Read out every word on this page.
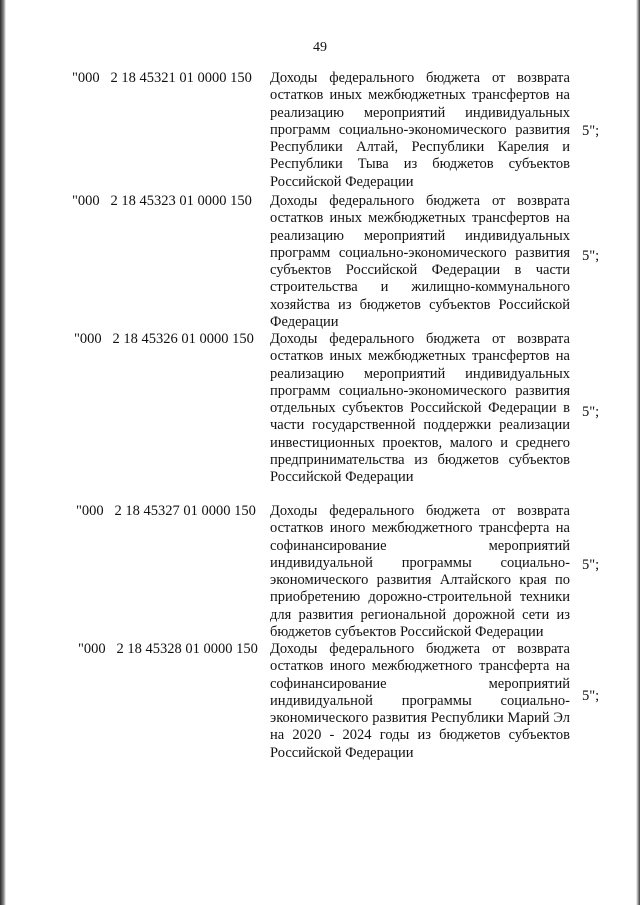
49
"000   2 18 45321 01 0000 150 Доходы федерального бюджета от возврата остатков иных межбюджетных трансфертов на реализацию мероприятий индивидуальных программ социально-экономического развития Республики Алтай, Республики Карелия и Республики Тыва из бюджетов субъектов Российской Федерации
5";
"000   2 18 45323 01 0000 150 Доходы федерального бюджета от возврата остатков иных межбюджетных трансфертов на реализацию мероприятий индивидуальных программ социально-экономического развития субъектов Российской Федерации в части строительства и жилищно-коммунального хозяйства из бюджетов субъектов Российской Федерации
5";
"000   2 18 45326 01 0000 150 Доходы федерального бюджета от возврата остатков иных межбюджетных трансфертов на реализацию мероприятий индивидуальных программ социально-экономического развития отдельных субъектов Российской Федерации в части государственной поддержки реализации инвестиционных проектов, малого и среднего предпринимательства из бюджетов субъектов Российской Федерации
5";
"000   2 18 45327 01 0000 150 Доходы федерального бюджета от возврата остатков иного межбюджетного трансферта на софинансирование мероприятий индивидуальной программы социально-экономического развития Алтайского края по приобретению дорожно-строительной техники для развития региональной дорожной сети из бюджетов субъектов Российской Федерации
5";
"000   2 18 45328 01 0000 150 Доходы федерального бюджета от возврата остатков иного межбюджетного трансферта на софинансирование мероприятий индивидуальной программы социально-экономического развития Республики Марий Эл на 2020 - 2024 годы из бюджетов субъектов Российской Федерации
5";
